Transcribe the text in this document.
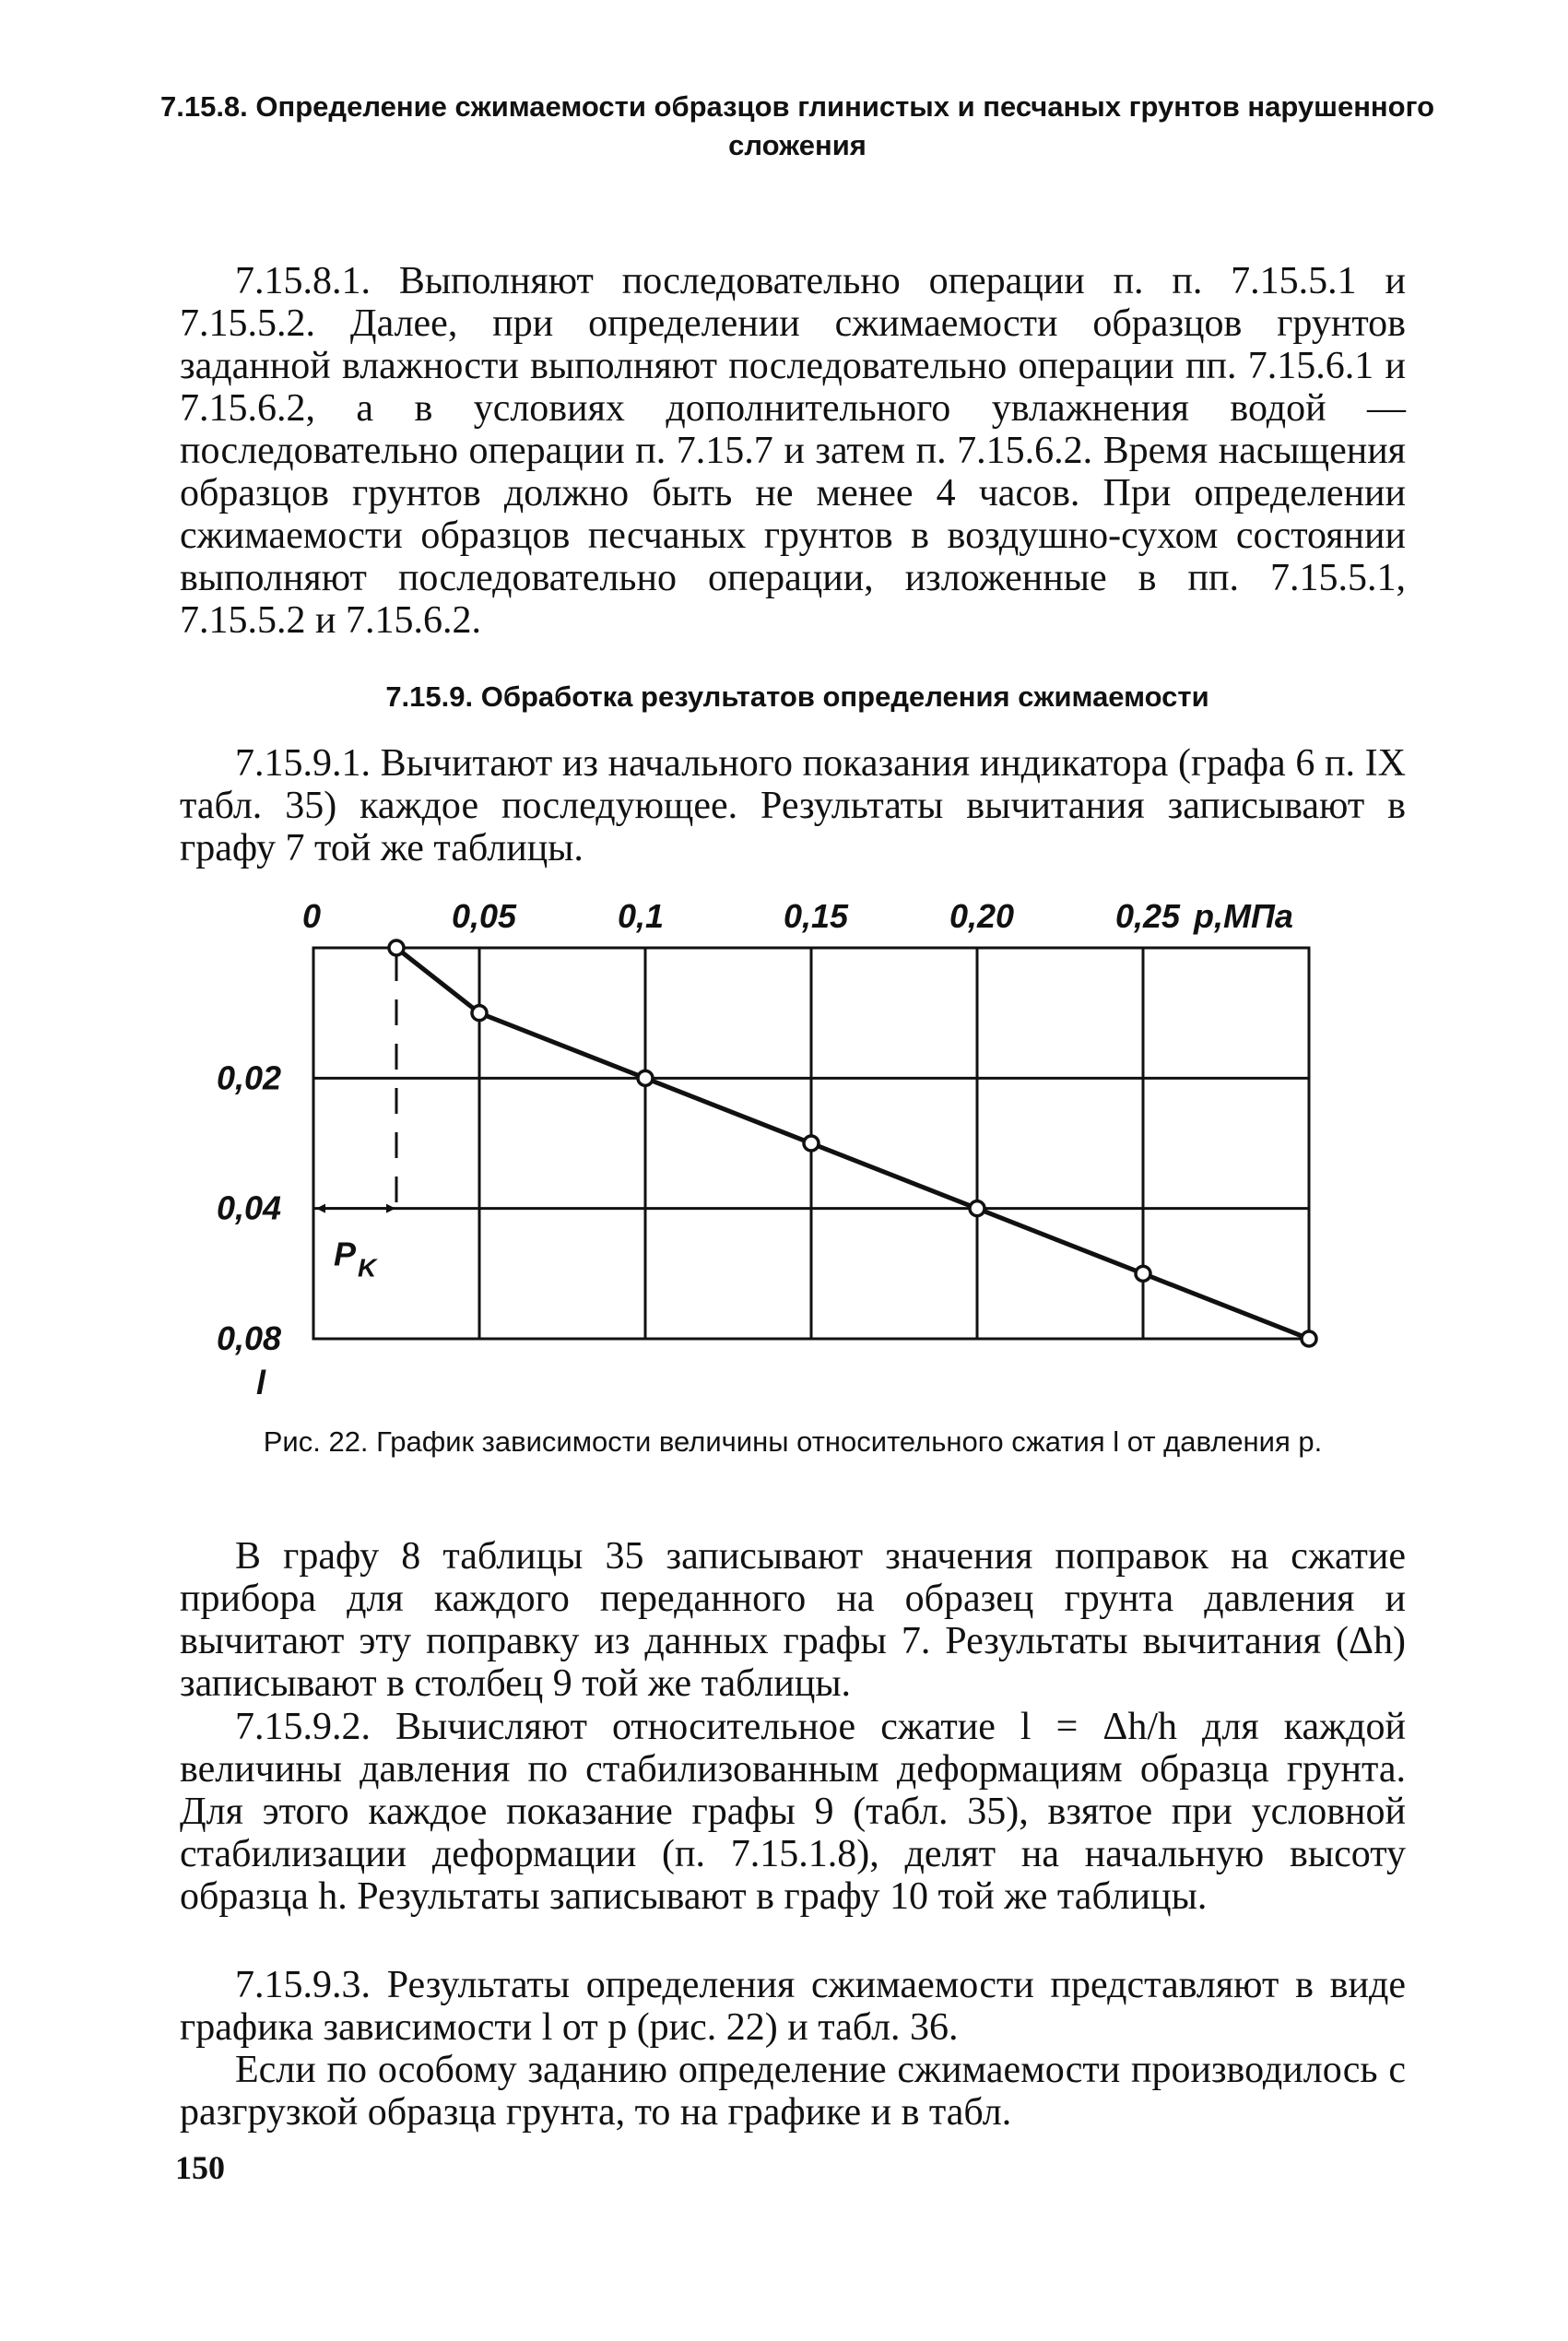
7.15.8. Определение сжимаемости образцов глинистых и песчаных грунтов нарушенного сложения
7.15.8.1. Выполняют последовательно операции п. п. 7.15.5.1 и 7.15.5.2. Далее, при определении сжимаемости образцов грунтов заданной влажности выполняют последовательно операции пп. 7.15.6.1 и 7.15.6.2, а в условиях дополнительного увлажнения водой — последовательно операции п. 7.15.7 и затем п. 7.15.6.2. Время насыщения образцов грунтов должно быть не менее 4 часов. При определении сжимаемости образцов песчаных грунтов в воздушно-сухом состоянии выполняют последовательно операции, изложенные в пп. 7.15.5.1, 7.15.5.2 и 7.15.6.2.
7.15.9. Обработка результатов определения сжимаемости
7.15.9.1. Вычитают из начального показания индикатора (графа 6 п. IX табл. 35) каждое последующее. Результаты вычитания записывают в графу 7 той же таблицы.
$P_K$
0	0,05	0,1	0,15	0,20	0,25 p,МПа
0,02
0,04
0,08
l
Рис. 22. График зависимости величины относительного сжатия l от давления p.
В графу 8 таблицы 35 записывают значения поправок на сжатие прибора для каждого переданного на образец грунта давления и вычитают эту поправку из данных графы 7. Результаты вычитания (Δh) записывают в столбец 9 той же таблицы.
7.15.9.2. Вычисляют относительное сжатие l = Δh/h для каждой величины давления по стабилизованным деформациям образца грунта. Для этого каждое показание графы 9 (табл. 35), взятое при условной стабилизации деформации (п. 7.15.1.8), делят на начальную высоту образца h. Результаты записывают в графу 10 той же таблицы.
7.15.9.3. Результаты определения сжимаемости представляют в виде графика зависимости l от p (рис. 22) и табл. 36.
Если по особому заданию определение сжимаемости производилось с разгрузкой образца грунта, то на графике и в табл.
150
